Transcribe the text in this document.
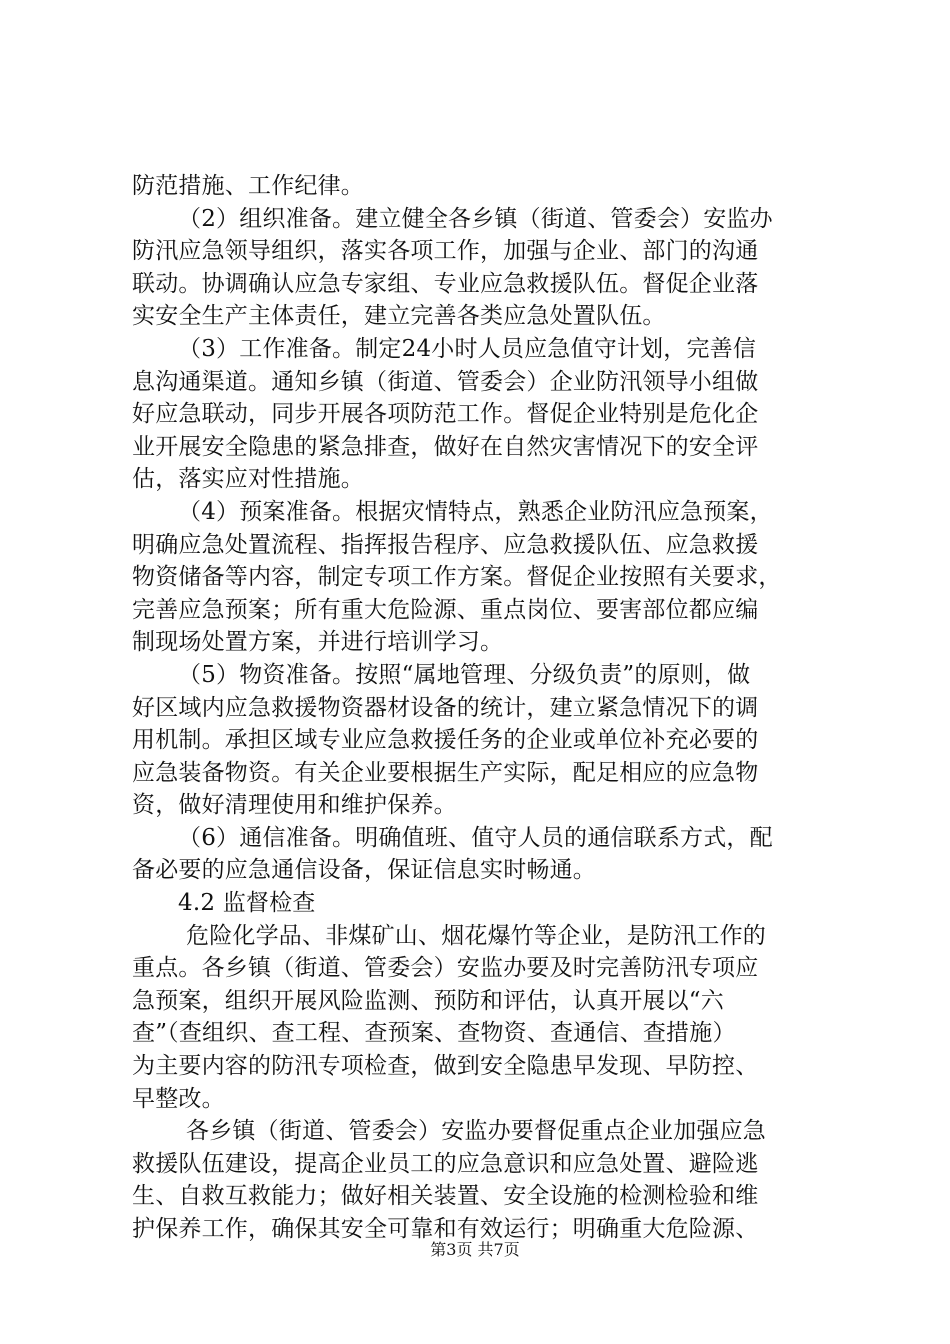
防范措施、工作纪律。
（2）组织准备。建立健全各乡镇（街道、管委会）安监办
防汛应急领导组织，落实各项工作，加强与企业、部门的沟通
联动。协调确认应急专家组、专业应急救援队伍。督促企业落
实安全生产主体责任，建立完善各类应急处置队伍。
（3）工作准备。制定24小时人员应急值守计划，完善信
息沟通渠道。通知乡镇（街道、管委会）企业防汛领导小组做
好应急联动，同步开展各项防范工作。督促企业特别是危化企
业开展安全隐患的紧急排查，做好在自然灾害情况下的安全评
估，落实应对性措施。
（4）预案准备。根据灾情特点，熟悉企业防汛应急预案，
明确应急处置流程、指挥报告程序、应急救援队伍、应急救援
物资储备等内容，制定专项工作方案。督促企业按照有关要求，
完善应急预案；所有重大危险源、重点岗位、要害部位都应编
制现场处置方案，并进行培训学习。
（5）物资准备。按照“属地管理、分级负责”的原则，做
好区域内应急救援物资器材设备的统计，建立紧急情况下的调
用机制。承担区域专业应急救援任务的企业或单位补充必要的
应急装备物资。有关企业要根据生产实际，配足相应的应急物
资，做好清理使用和维护保养。
（6）通信准备。明确值班、值守人员的通信联系方式，配
备必要的应急通信设备，保证信息实时畅通。
4.2 监督检查
危险化学品、非煤矿山、烟花爆竹等企业，是防汛工作的
重点。各乡镇（街道、管委会）安监办要及时完善防汛专项应
急预案，组织开展风险监测、预防和评估，认真开展以“六
查”（查组织、查工程、查预案、查物资、查通信、查措施）
为主要内容的防汛专项检查，做到安全隐患早发现、早防控、
早整改。
各乡镇（街道、管委会）安监办要督促重点企业加强应急
救援队伍建设，提高企业员工的应急意识和应急处置、避险逃
生、自救互救能力；做好相关装置、安全设施的检测检验和维
护保养工作，确保其安全可靠和有效运行；明确重大危险源、
第3页 共7页
